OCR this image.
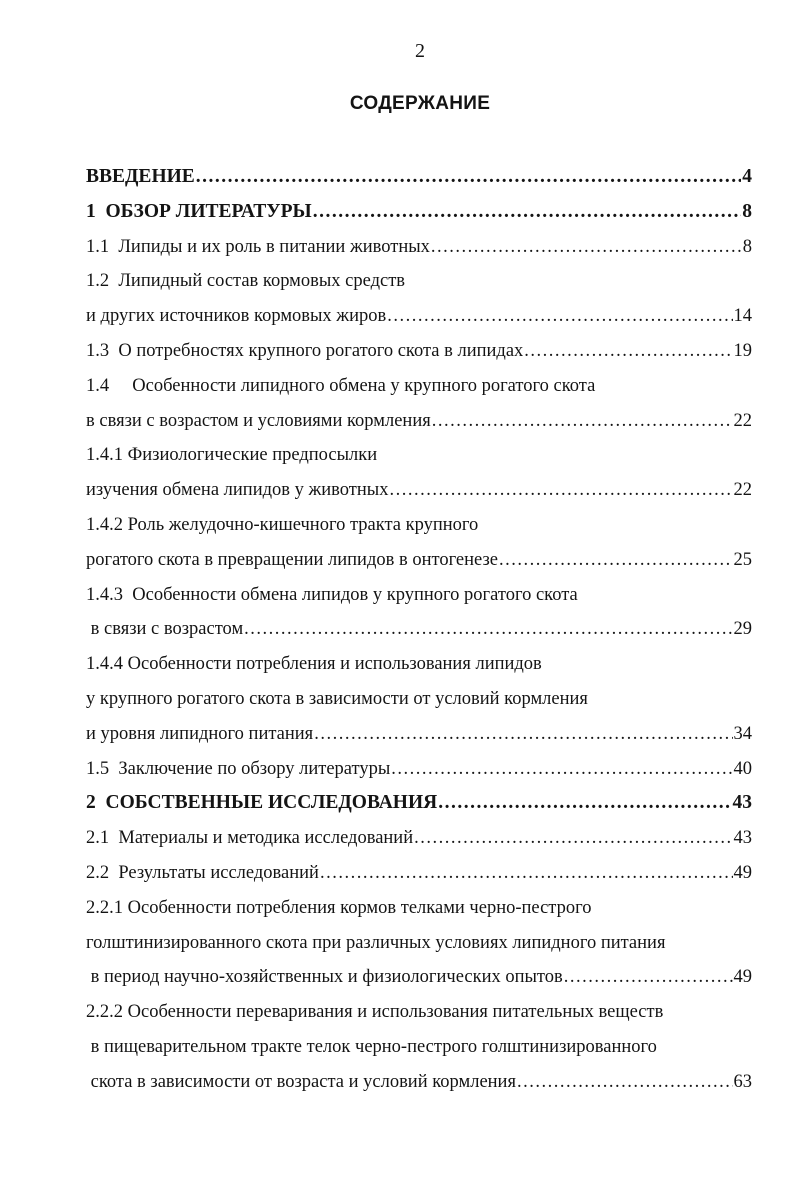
2
СОДЕРЖАНИЕ
ВВЕДЕНИЕ .....	4
1  ОБЗОР ЛИТЕРАТУРЫ .....	8
1.1  Липиды и их роль в питании животных .....	8
1.2  Липидный состав кормовых средств
и других источников кормовых жиров .....	14
1.3  О потребностях крупного рогатого скота в липидах .....	19
1.4     Особенности липидного обмена у крупного рогатого скота
в связи с возрастом и условиями кормления .....	22
1.4.1 Физиологические предпосылки
изучения обмена липидов у животных .....	22
1.4.2 Роль желудочно-кишечного тракта крупного
рогатого скота в превращении липидов в онтогенезе .....	25
1.4.3  Особенности обмена липидов у крупного рогатого скота
в связи с возрастом .....	29
1.4.4 Особенности потребления и использования липидов
у крупного рогатого скота в зависимости от условий кормления
и уровня липидного питания .....	34
1.5  Заключение по обзору литературы .....	40
2  СОБСТВЕННЫЕ ИССЛЕДОВАНИЯ .....	43
2.1  Материалы и методика исследований .....	43
2.2  Результаты исследований .....	49
2.2.1 Особенности потребления кормов телками черно-пестрого
голштинизированного скота при различных условиях липидного питания
в период научно-хозяйственных и физиологических опытов .....	49
2.2.2 Особенности переваривания и использования питательных веществ
в пищеварительном тракте телок черно-пестрого голштинизированного
скота в зависимости от возраста и условий кормления .....	63
